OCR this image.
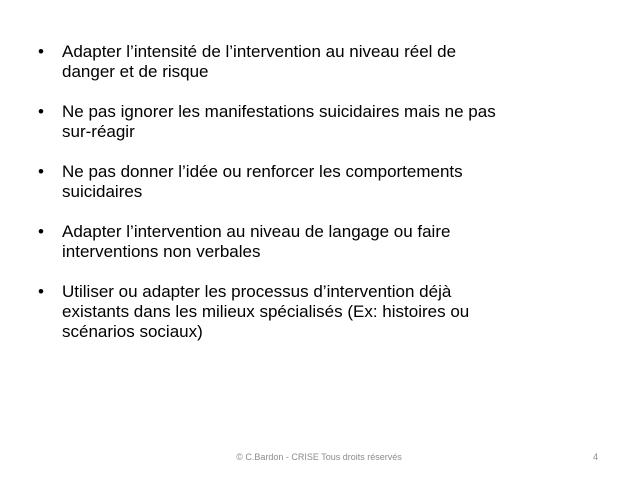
• Adapter l’intensité de l’intervention au niveau réel de
danger et de risque
• Ne pas ignorer les manifestations suicidaires mais ne pas
sur-réagir
• Ne pas donner l’idée ou renforcer les comportements
suicidaires
• Adapter l’intervention au niveau de langage ou faire
interventions non verbales
• Utiliser ou adapter les processus d’intervention déjà
existants dans les milieux spécialisés (Ex: histoires ou
scénarios sociaux)
© C.Bardon - CRISE Tous droits réservés	4
